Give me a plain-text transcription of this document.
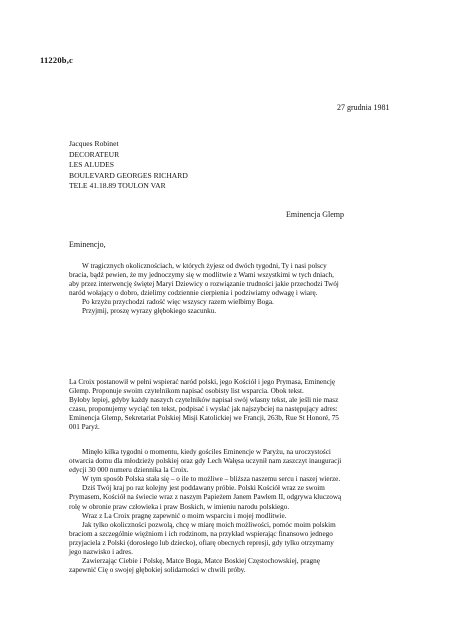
11220b,c
27 grudnia 1981
Jacques Robinet
DECORATEUR
LES ALUDES
BOULEVARD GEORGES RICHARD
TELE 41.18.89 TOULON VAR
Eminencja Glemp
Eminencjo,
W tragicznych okolicznościach, w których żyjesz od dwóch tygodni, Ty i nasi polscy
bracia, bądź pewien, że my jednoczymy się w modlitwie z Wami wszystkimi w tych dniach,
aby przez interwencję świętej Maryi Dziewicy o rozwiązanie trudności jakie przechodzi Twój
naród wołający o dobro, dzielimy codziennie cierpienia i podziwiamy odwagę i wiarę.
Po krzyżu przychodzi radość więc wszyscy razem wielbimy Boga.
Przyjmij, proszę wyrazy głębokiego szacunku.
La Croix postanowił w pełni wspierać naród polski, jego Kościół i jego Prymasa, Eminencję
Glemp. Proponuje swoim czytelnikom napisać osobisty list wsparcia. Obok tekst.
Byłoby lepiej, gdyby każdy naszych czytelników napisał swój własny tekst, ale jeśli nie masz
czasu, proponujemy wyciąć ten tekst, podpisać i wysłać jak najszybciej na następujący adres:
Eminencja Glemp, Sekretariat Polskiej Misji Katolickiej we Francji, 263b, Rue St Honoré, 75
001 Paryż.
Minęło kilka tygodni o momentu, kiedy gościles Eminencje w Paryżu, na uroczystości
otwarcia domu dla młodzieży polskiej oraz gdy Lech Wałęsa uczynił nam zaszczyt inauguracji
edycji 30 000 numeru dziennika la Croix.
W tym sposób Polska stała się – o ile to możliwe – bliższa naszemu sercu i naszej wierze.
Dziś Twój kraj po raz kolejny jest poddawany próbie. Polski Kościół wraz ze swoim
Prymasem, Kościół na świecie wraz z naszym Papieżem Janem Pawłem II, odgrywa kluczową
rolę w obronie praw człowieka i praw Boskich, w imieniu narodu polskiego.
Wraz z La Croix pragnę zapewnić o moim wsparciu i mojej modlitwie.
Jak tylko okoliczności pozwolą, chcę w miarę moich możliwości, pomóc moim polskim
braciom a szczególnie więźniom i ich rodzinom, na przykład wspierając finansowo jednego
przyjaciela z Polski (dorosłego lub dziecko), ofiarę obecnych represji, gdy tylko otrzymamy
jego nazwisko i adres.
Zawierzając Ciebie i Polskę, Matce Boga, Matce Boskiej Częstochowskiej, pragnę
zapewnić Cię o swojej głębokiej solidarności w chwili próby.
